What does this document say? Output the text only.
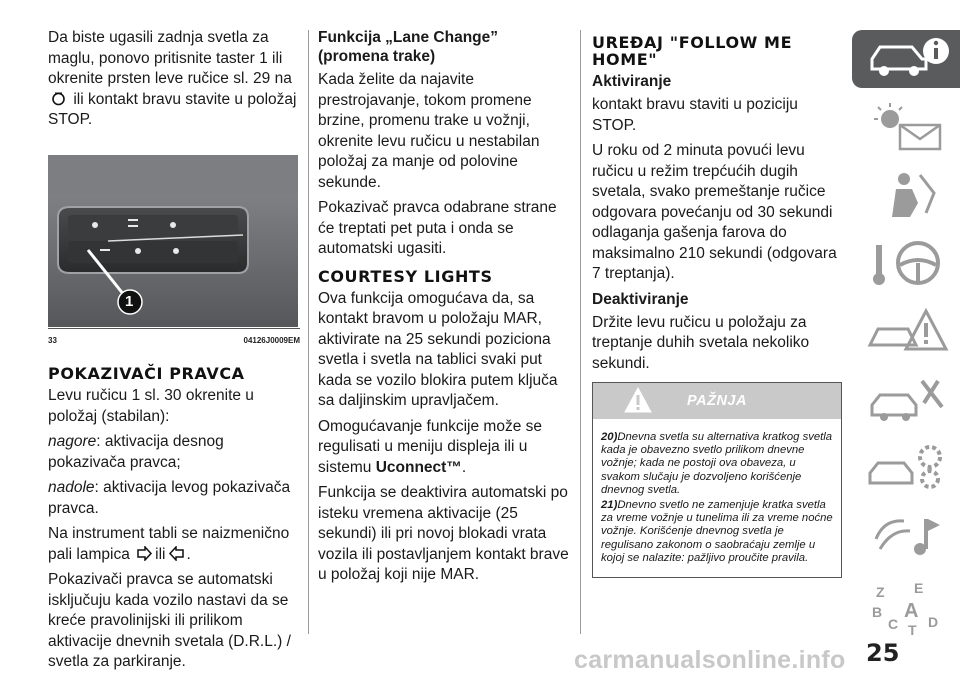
Da biste ugasili zadnja svetla za maglu, ponovo pritisnite taster 1 ili okrenite prsten leve ručice sl. 29 na  ili kontakt bravu stavite u položaj STOP.

1
33	04126J0009EM
POKAZIVAČI PRAVCA

Levu ručicu 1 sl. 30 okrenite u položaj (stabilan):

nagore: aktivacija desnog pokazivača pravca;

nadole: aktivacija levog pokazivača pravca.

Na instrument tabli se naizmenično pali lampica ili .

Pokazivači pravca se automatski isključuju kada vozilo nastavi da se kreće pravolinijski ili prilikom aktivacije dnevnih svetala (D.R.L.) / svetla za parkiranje.

Funkcija „Lane Change” (promena trake)

Kada želite da najavite prestrojavanje, tokom promene brzine, promenu trake u vožnji, okrenite levu ručicu u nestabilan položaj za manje od polovine sekunde.

Pokazivač pravca odabrane strane će treptati pet puta i onda se automatski ugasiti.

COURTESY LIGHTS

Ova funkcija omogućava da, sa kontakt bravom u položaju MAR, aktivirate na 25 sekundi poziciona svetla i svetla na tablici svaki put kada se vozilo blokira putem ključa sa daljinskim upravljačem.

Omogućavanje funkcije može se regulisati u meniju displeja ili u sistemu Uconnect™.

Funkcija se deaktivira automatski po isteku vremena aktivacije (25 sekundi) ili pri novoj blokadi vrata vozila ili postavljanjem kontakt brave u položaj koji nije MAR.

UREĐAJ "FOLLOW ME HOME"
Aktiviranje

kontakt bravu staviti u poziciju STOP.

U roku od 2 minuta povući levu ručicu u režim trepćućih dugih svetala, svako premeštanje ručice odgovara povećanju od 30 sekundi odlaganja gašenja farova do maksimalno 210 sekundi (odgovara 7 treptanja).

Deaktiviranje

Držite levu ručicu u položaju za treptanje duhih svetala nekoliko sekundi.

PAŽNJA

20)Dnevna svetla su alternativa kratkog svetla kada je obavezno svetlo prilikom dnevne vožnje; kada ne postoji ova obaveza, u svakom slučaju je dozvoljeno korišćenje dnevnog svetla.

21)Dnevno svetlo ne zamenjuje kratka svetla za vreme vožnje u tunelima ili za vreme noćne vožnje. Korišćenje dnevnog svetla je regulisano zakonom o saobraćaju zemlje u kojoj se nalazite: pažljivo proučite pravila.

Z E
B A
C D
T
25
carmanualsonline.info
